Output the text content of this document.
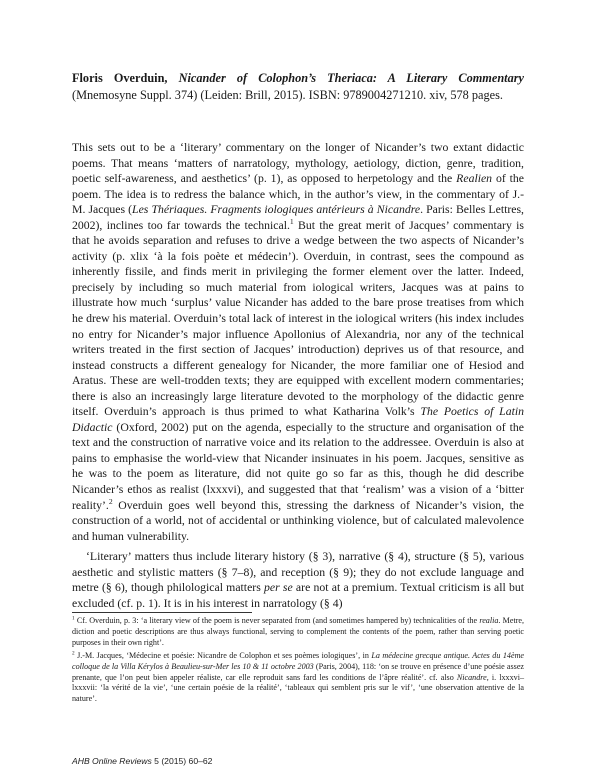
Floris Overduin, Nicander of Colophon’s Theriaca: A Literary Commentary (Mnemosyne Suppl. 374) (Leiden: Brill, 2015). ISBN: 9789004271210. xiv, 578 pages.

This sets out to be a ‘literary’ commentary on the longer of Nicander’s two extant didactic poems. That means ‘matters of narratology, mythology, aetiology, diction, genre, tradition, poetic self-awareness, and aesthetics’ (p. 1), as opposed to herpetology and the Realien of the poem. The idea is to redress the balance which, in the author’s view, in the commentary of J.-M. Jacques (Les Thériaques. Fragments iologiques antérieurs à Nicandre. Paris: Belles Lettres, 2002), inclines too far towards the technical.$^1$ But the great merit of Jacques’ commentary is that he avoids separation and refuses to drive a wedge between the two aspects of Nicander’s activity (p. xlix ‘à la fois poète et médecin’). Overduin, in contrast, sees the compound as inherently fissile, and finds merit in privileging the former element over the latter. Indeed, precisely by including so much material from iological writers, Jacques was at pains to illustrate how much ‘surplus’ value Nicander has added to the bare prose treatises from which he drew his material. Overduin’s total lack of interest in the iological writers (his index includes no entry for Nicander’s major influence Apollonius of Alexandria, nor any of the technical writers treated in the first section of Jacques’ introduction) deprives us of that resource, and instead constructs a different genealogy for Nicander, the more familiar one of Hesiod and Aratus. These are well-trodden texts; they are equipped with excellent modern commentaries; there is also an increasingly large literature devoted to the morphology of the didactic genre itself. Overduin’s approach is thus primed to what Katharina Volk’s The Poetics of Latin Didactic (Oxford, 2002) put on the agenda, especially to the structure and organisation of the text and the construction of narrative voice and its relation to the addressee. Overduin is also at pains to emphasise the world-view that Nicander insinuates in his poem. Jacques, sensitive as he was to the poem as literature, did not quite go so far as this, though he did describe Nicander’s ethos as realist (lxxxvi), and suggested that that ‘realism’ was a vision of a ‘bitter reality’.$^2$ Overduin goes well beyond this, stressing the darkness of Nicander’s vision, the construction of a world, not of accidental or unthinking violence, but of calculated malevolence and human vulnerability.

‘Literary’ matters thus include literary history (§ 3), narrative (§ 4), structure (§ 5), various aesthetic and stylistic matters (§ 7–8), and reception (§ 9); they do not exclude language and metre (§ 6), though philological matters per se are not at a premium. Textual criticism is all but excluded (cf. p. 1). It is in his interest in narratology (§ 4)

$^1$ Cf. Overduin, p. 3: ‘a literary view of the poem is never separated from (and sometimes hampered by) technicalities of the realia. Metre, diction and poetic descriptions are thus always functional, serving to complement the contents of the poem, rather than serving poetic purposes in their own right’.

$^2$ J.-M. Jacques, ‘Médecine et poésie: Nicandre de Colophon et ses poèmes iologiques’, in La médecine grecque antique. Actes du 14ème colloque de la Villa Kérylos à Beaulieu-sur-Mer les 10 & 11 octobre 2003 (Paris, 2004), 118: ‘on se trouve en présence d’une poésie assez prenante, que l’on peut bien appeler réaliste, car elle reproduit sans fard les conditions de l’âpre réalité’. cf. also Nicandre, i. lxxxvi–lxxxvii: ‘la vérité de la vie’, ‘une certain poésie de la réalité’, ‘tableaux qui semblent pris sur le vif’, ‘une observation attentive de la nature’.

AHB Online Reviews 5 (2015) 60–62
